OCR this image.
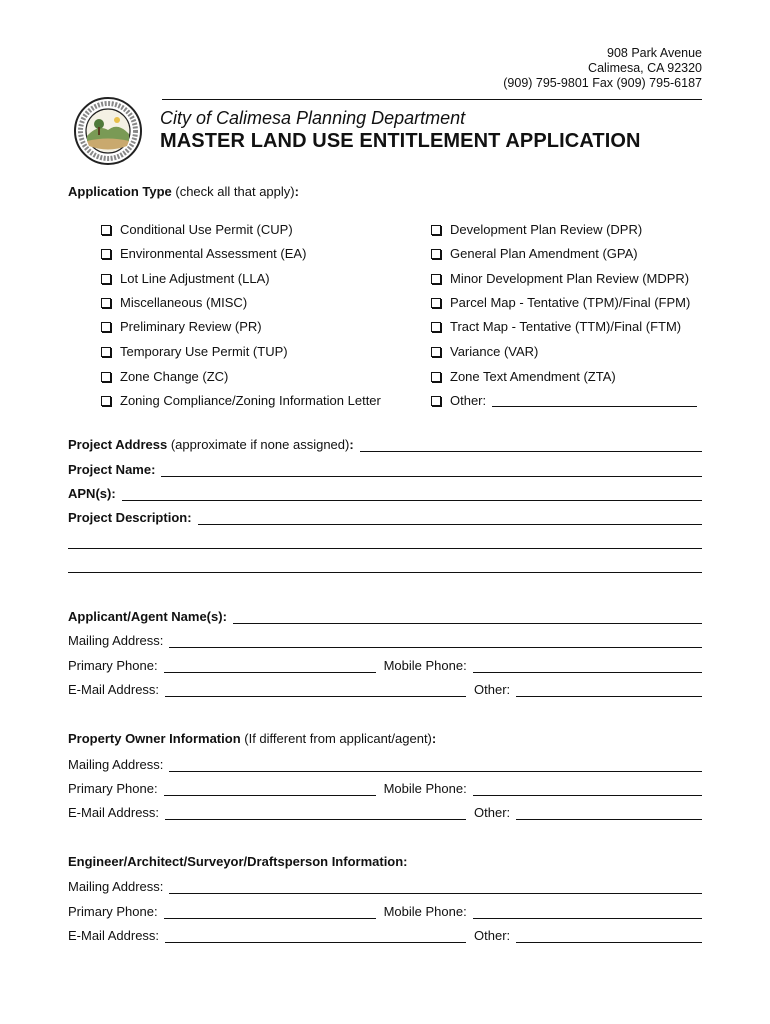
908 Park Avenue
Calimesa, CA 92320
(909) 795-9801 Fax (909) 795-6187
City of Calimesa Planning Department
MASTER LAND USE ENTITLEMENT APPLICATION
Application Type (check all that apply):
Conditional Use Permit (CUP)
Environmental Assessment (EA)
Lot Line Adjustment (LLA)
Miscellaneous (MISC)
Preliminary Review (PR)
Temporary Use Permit (TUP)
Zone Change (ZC)
Zoning Compliance/Zoning Information Letter
Development Plan Review (DPR)
General Plan Amendment (GPA)
Minor Development Plan Review (MDPR)
Parcel Map - Tentative (TPM)/Final (FPM)
Tract Map - Tentative (TTM)/Final (FTM)
Variance (VAR)
Zone Text Amendment (ZTA)
Other:
Project Address (approximate if none assigned):
Project Name:
APN(s):
Project Description:
Applicant/Agent Name(s):
Mailing Address:
Primary Phone:	Mobile Phone:
E-Mail Address:	Other:
Property Owner Information (If different from applicant/agent):
Mailing Address:
Primary Phone:	Mobile Phone:
E-Mail Address:	Other:
Engineer/Architect/Surveyor/Draftsperson Information:
Mailing Address:
Primary Phone:	Mobile Phone:
E-Mail Address:	Other:
